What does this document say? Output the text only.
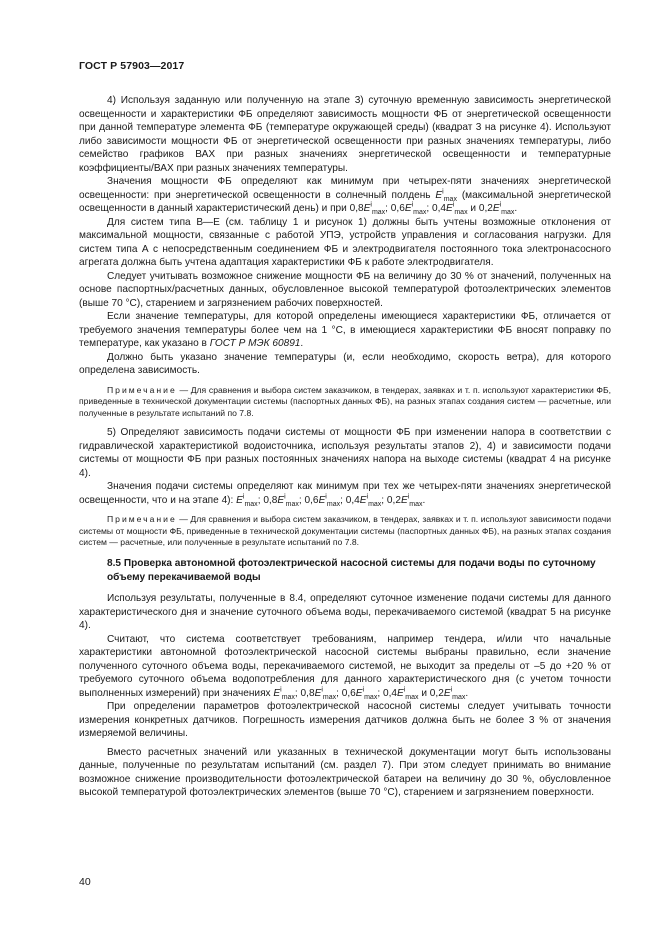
ГОСТ Р 57903—2017

4) Используя заданную или полученную на этапе 3) суточную временную зависимость энергетической освещенности и характеристики ФБ определяют зависимость мощности ФБ от энергетической освещенности при данной температуре элемента ФБ (температуре окружающей среды) (квадрат 3 на рисунке 4). Используют либо зависимости мощности ФБ от энергетической освещенности при разных значениях температуры, либо семейство графиков ВАХ при разных значениях энергетической освещенности и температурные коэффициенты/ВАХ при разных значениях температуры.

Значения мощности ФБ определяют как минимум при четырех-пяти значениях энергетической освещенности: при энергетической освещенности в солнечный полдень $E^i_{max}$ (максимальной энергетической освещенности в данный характеристический день) и при $0,8E^i_{max}$; $0,6E^i_{max}$; $0,4E^i_{max}$ и $0,2E^i_{max}$.

Для систем типа В—Е (см. таблицу 1 и рисунок 1) должны быть учтены возможные отклонения от максимальной мощности, связанные с работой УПЭ, устройств управления и согласования нагрузки. Для систем типа А с непосредственным соединением ФБ и электродвигателя постоянного тока электронасосного агрегата должна быть учтена адаптация характеристики ФБ к работе электродвигателя.

Следует учитывать возможное снижение мощности ФБ на величину до 30 % от значений, полученных на основе паспортных/расчетных данных, обусловленное высокой температурой фотоэлектрических элементов (выше 70 °C), старением и загрязнением рабочих поверхностей.

Если значение температуры, для которой определены имеющиеся характеристики ФБ, отличается от требуемого значения температуры более чем на 1 °C, в имеющиеся характеристики ФБ вносят поправку по температуре, как указано в ГОСТ Р МЭК 60891.

Должно быть указано значение температуры (и, если необходимо, скорость ветра), для которого определена зависимость.

Примечание — Для сравнения и выбора систем заказчиком, в тендерах, заявках и т. п. используют характеристики ФБ, приведенные в технической документации системы (паспортных данных ФБ), на разных этапах создания систем — расчетные, или полученные в результате испытаний по 7.8.

5) Определяют зависимость подачи системы от мощности ФБ при изменении напора в соответствии с гидравлической характеристикой водоисточника, используя результаты этапов 2), 4) и зависимости подачи системы от мощности ФБ при разных постоянных значениях напора на выходе системы (квадрат 4 на рисунке 4).

Значения подачи системы определяют как минимум при тех же четырех-пяти значениях энергетической освещенности, что и на этапе 4): $E^i_{max}$; $0,8E^i_{max}$; $0,6E^i_{max}$; $0,4E^i_{max}$; $0,2E^i_{max}$.

Примечание — Для сравнения и выбора систем заказчиком, в тендерах, заявках и т. п. используют зависимости подачи системы от мощности ФБ, приведенные в технической документации системы (паспортных данных ФБ), на разных этапах создания систем — расчетные, или полученные в результате испытаний по 7.8.

8.5 Проверка автономной фотоэлектрической насосной системы для подачи воды по суточному объему перекачиваемой воды

Используя результаты, полученные в 8.4, определяют суточное изменение подачи системы для данного характеристического дня и значение суточного объема воды, перекачиваемого системой (квадрат 5 на рисунке 4).

Считают, что система соответствует требованиям, например тендера, и/или что начальные характеристики автономной фотоэлектрической насосной системы выбраны правильно, если значение полученного суточного объема воды, перекачиваемого системой, не выходит за пределы от –5 до +20 % от требуемого суточного объема водопотребления для данного характеристического дня (с учетом точности выполненных измерений) при значениях $E^i_{max}$; $0,8E^i_{max}$; $0,6E^i_{max}$; $0,4E^i_{max}$ и $0,2E^i_{max}$.

При определении параметров фотоэлектрической насосной системы следует учитывать точности измерения конкретных датчиков. Погрешность измерения датчиков должна быть не более 3 % от значения измеряемой величины.

Вместо расчетных значений или указанных в технической документации могут быть использованы данные, полученные по результатам испытаний (см. раздел 7). При этом следует принимать во внимание возможное снижение производительности фотоэлектрической батареи на величину до 30 %, обусловленное высокой температурой фотоэлектрических элементов (выше 70 °C), старением и загрязнением поверхности.

40
